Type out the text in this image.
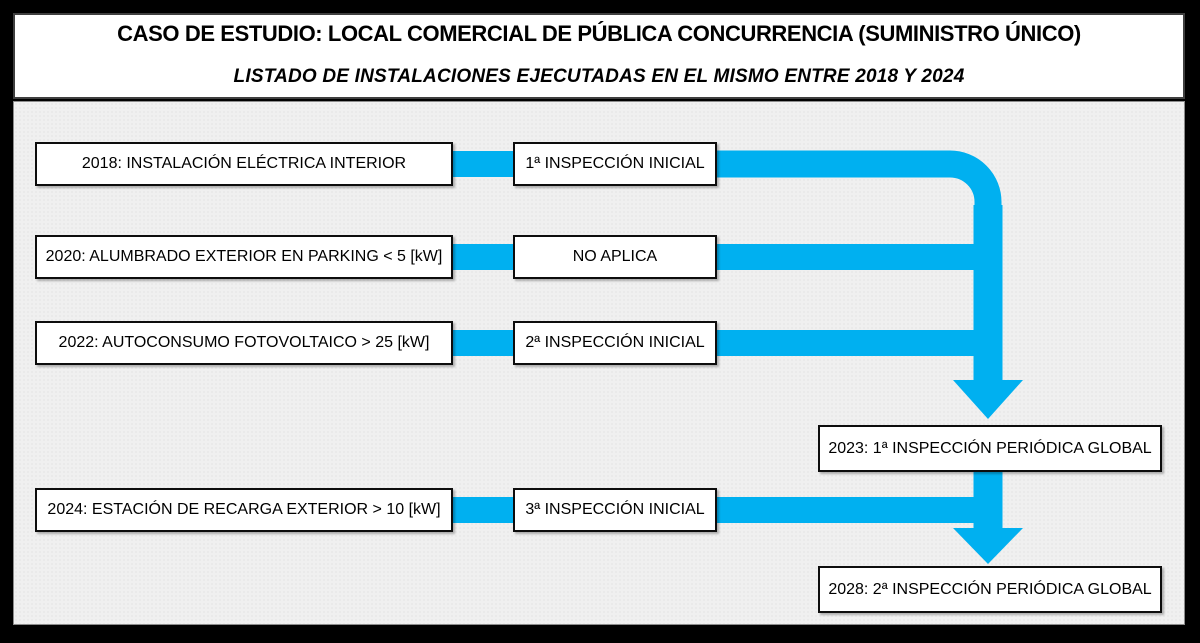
CASO DE ESTUDIO: LOCAL COMERCIAL DE PÚBLICA CONCURRENCIA (SUMINISTRO ÚNICO)
LISTADO DE INSTALACIONES EJECUTADAS EN EL MISMO ENTRE 2018 Y 2024
2018: INSTALACIÓN ELÉCTRICA INTERIOR
2020: ALUMBRADO EXTERIOR EN PARKING < 5 [kW]
2022: AUTOCONSUMO FOTOVOLTAICO > 25 [kW]
2024: ESTACIÓN DE RECARGA EXTERIOR > 10 [kW]
1ª INSPECCIÓN INICIAL
NO APLICA
2ª INSPECCIÓN INICIAL
3ª INSPECCIÓN INICIAL
2023: 1ª INSPECCIÓN PERIÓDICA GLOBAL
2028: 2ª INSPECCIÓN PERIÓDICA GLOBAL
